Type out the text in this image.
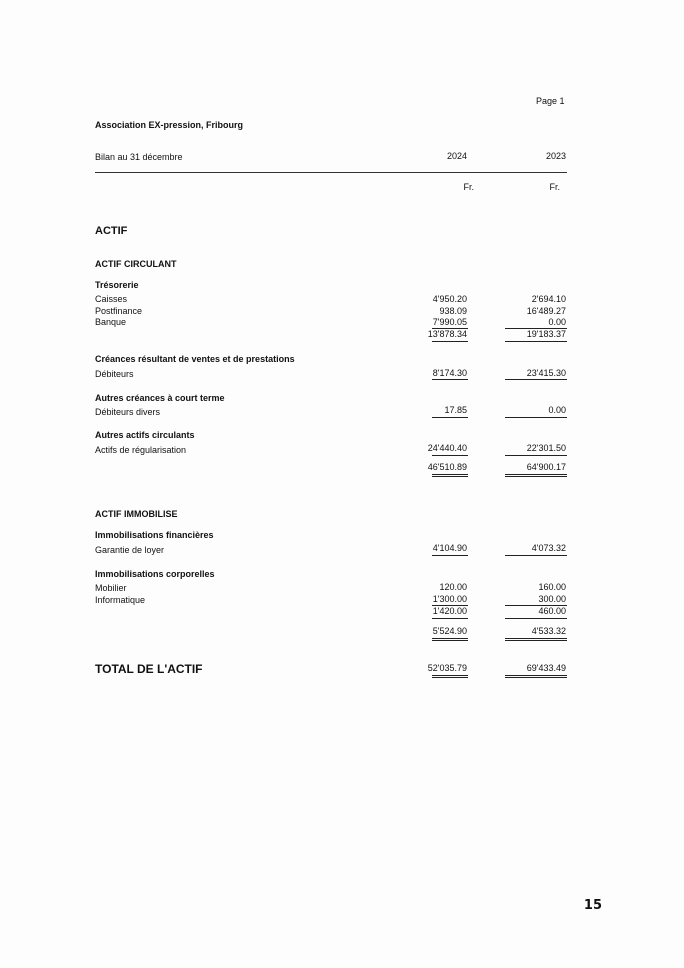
Page 1
Association EX-pression, Fribourg
Bilan au 31 décembre	2024	2023
Fr.	Fr.
ACTIF
ACTIF CIRCULANT
Trésorerie
Caisses	4'950.20	2'694.10
Postfinance	938.09	16'489.27
Banque	7'990.05	0.00
13'878.34	19'183.37
Créances résultant de ventes et de prestations
Débiteurs	8'174.30	23'415.30
Autres créances à court terme
Débiteurs divers	17.85	0.00
Autres actifs circulants
Actifs de régularisation	24'440.40	22'301.50
46'510.89	64'900.17
ACTIF IMMOBILISE
Immobilisations financières
Garantie de loyer	4'104.90	4'073.32
Immobilisations corporelles
Mobilier	120.00	160.00
Informatique	1'300.00	300.00
1'420.00	460.00
5'524.90	4'533.32
TOTAL DE L'ACTIF	52'035.79	69'433.49
15
